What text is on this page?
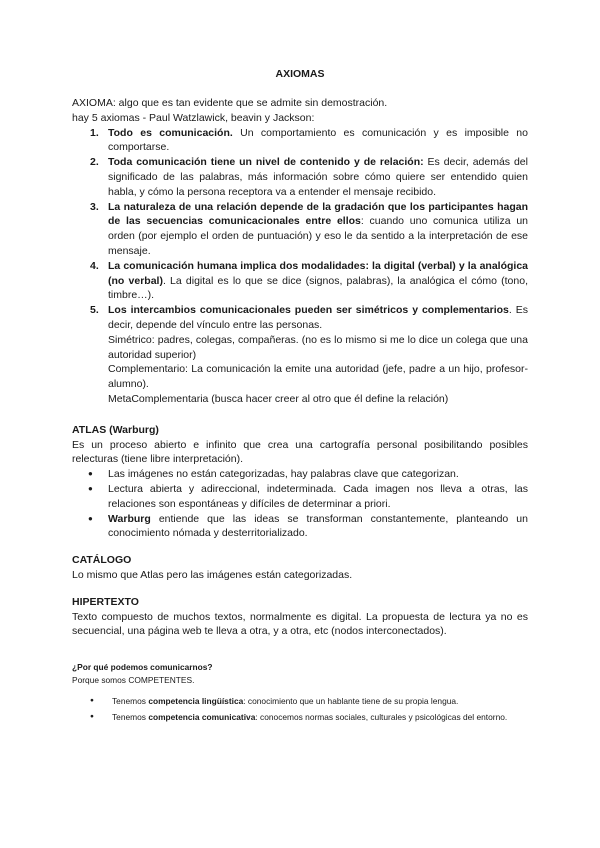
AXIOMAS

AXIOMA: algo que es tan evidente que se admite sin demostración.

hay 5 axiomas - Paul Watzlawick, beavin y Jackson:

Todo es comunicación. Un comportamiento es comunicación y es imposible no comportarse.
Toda comunicación tiene un nivel de contenido y de relación: Es decir, además del significado de las palabras, más información sobre cómo quiere ser entendido quien habla, y cómo la persona receptora va a entender el mensaje recibido.
La naturaleza de una relación depende de la gradación que los participantes hagan de las secuencias comunicacionales entre ellos: cuando uno comunica utiliza un orden (por ejemplo el orden de puntuación) y eso le da sentido a la interpretación de ese mensaje.
La comunicación humana implica dos modalidades: la digital (verbal) y la analógica (no verbal). La digital es lo que se dice (signos, palabras), la analógica el cómo (tono, timbre…).
Los intercambios comunicacionales pueden ser simétricos y complementarios. Es decir, depende del vínculo entre las personas.
Simétrico: padres, colegas, compañeras. (no es lo mismo si me lo dice un colega que una autoridad superior)
Complementario: La comunicación la emite una autoridad (jefe, padre a un hijo, profesor-alumno).
MetaComplementaria (busca hacer creer al otro que él define la relación)

ATLAS (Warburg)

Es un proceso abierto e infinito que crea una cartografía personal posibilitando posibles relecturas (tiene libre interpretación).

● Las imágenes no están categorizadas, hay palabras clave que categorizan.
● Lectura abierta y adireccional, indeterminada. Cada imagen nos lleva a otras, las relaciones son espontáneas y difíciles de determinar a priori.
● Warburg entiende que las ideas se transforman constantemente, planteando un conocimiento nómada y desterritorializado.

CATÁLOGO

Lo mismo que Atlas pero las imágenes están categorizadas.

HIPERTEXTO

Texto compuesto de muchos textos, normalmente es digital. La propuesta de lectura ya no es secuencial, una página web te lleva a otra, y a otra, etc (nodos interconectados).

¿Por qué podemos comunicarnos?

Porque somos COMPETENTES.

● Tenemos competencia lingüística: conocimiento que un hablante tiene de su propia lengua.
● Tenemos competencia comunicativa: conocemos normas sociales, culturales y psicológicas del entorno.
